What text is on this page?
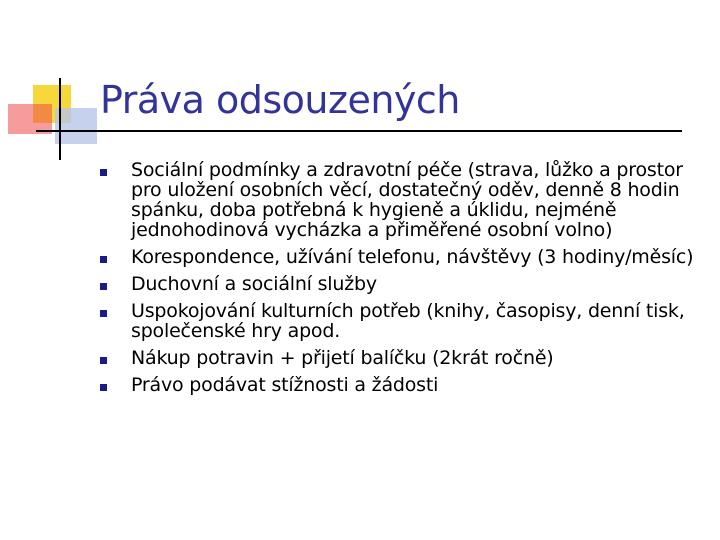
Práva odsouzených
Sociální podmínky a zdravotní péče (strava, lůžko a prostor pro uložení osobních věcí, dostatečný oděv, denně 8 hodin spánku, doba potřebná k hygieně a úklidu, nejméně jednohodinová vycházka a přiměřené osobní volno)
Korespondence, užívání telefonu, návštěvy (3 hodiny/měsíc)
Duchovní a sociální služby
Uspokojování kulturních potřeb (knihy, časopisy, denní tisk, společenské hry apod.
Nákup potravin + přijetí balíčku (2krát ročně)
Právo podávat stížnosti a žádosti
